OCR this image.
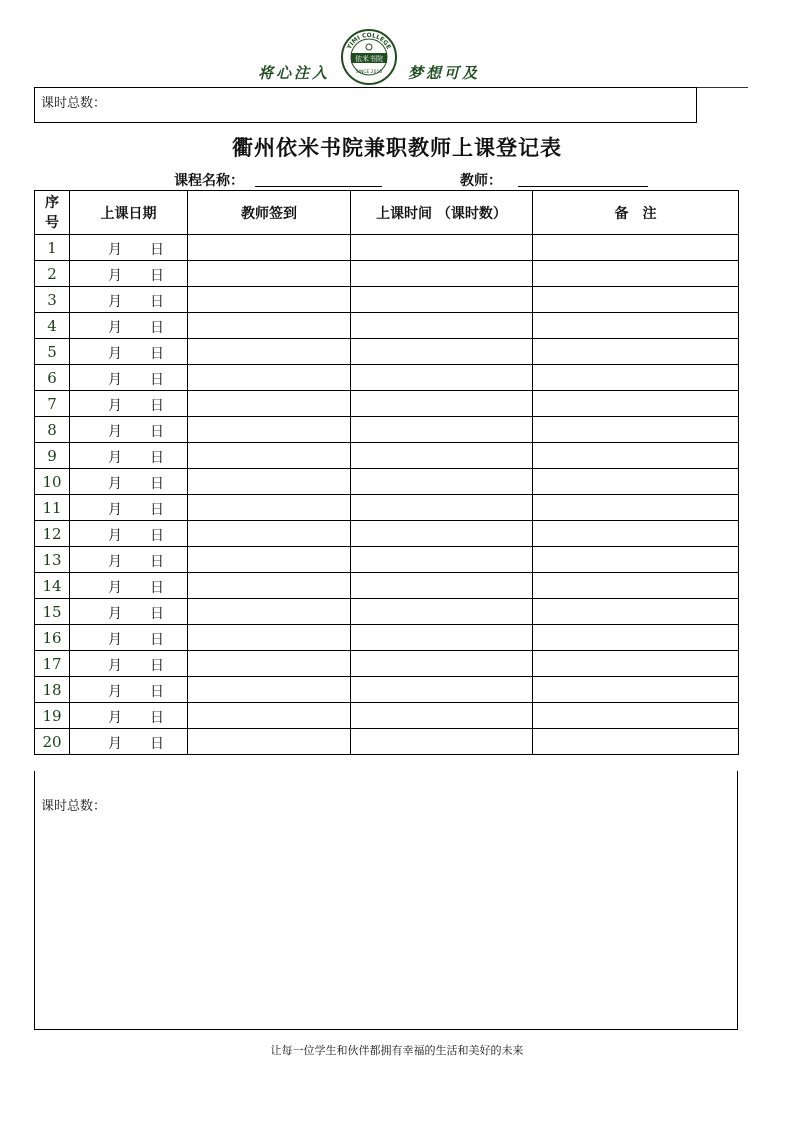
将心注入
YIMI COLLEGE
依米书院
SINCE 2010 梦想可及
课时总数：
衢州依米书院兼职教师上课登记表
课程名称：	教师：
序
号	上课日期	教师签到	上课时间 （课时数）	备　注
1	月 日			

2	月 日			

3	月 日			

4	月 日			

5	月 日			

6	月 日			

7	月 日			

8	月 日			

9	月 日			

10	月 日			

11	月 日			

12	月 日			

13	月 日			

14	月 日			

15	月 日			

16	月 日			

17	月 日			

18	月 日			

19	月 日			

20	月 日			

课时总数：
让每一位学生和伙伴都拥有幸福的生活和美好的未来
